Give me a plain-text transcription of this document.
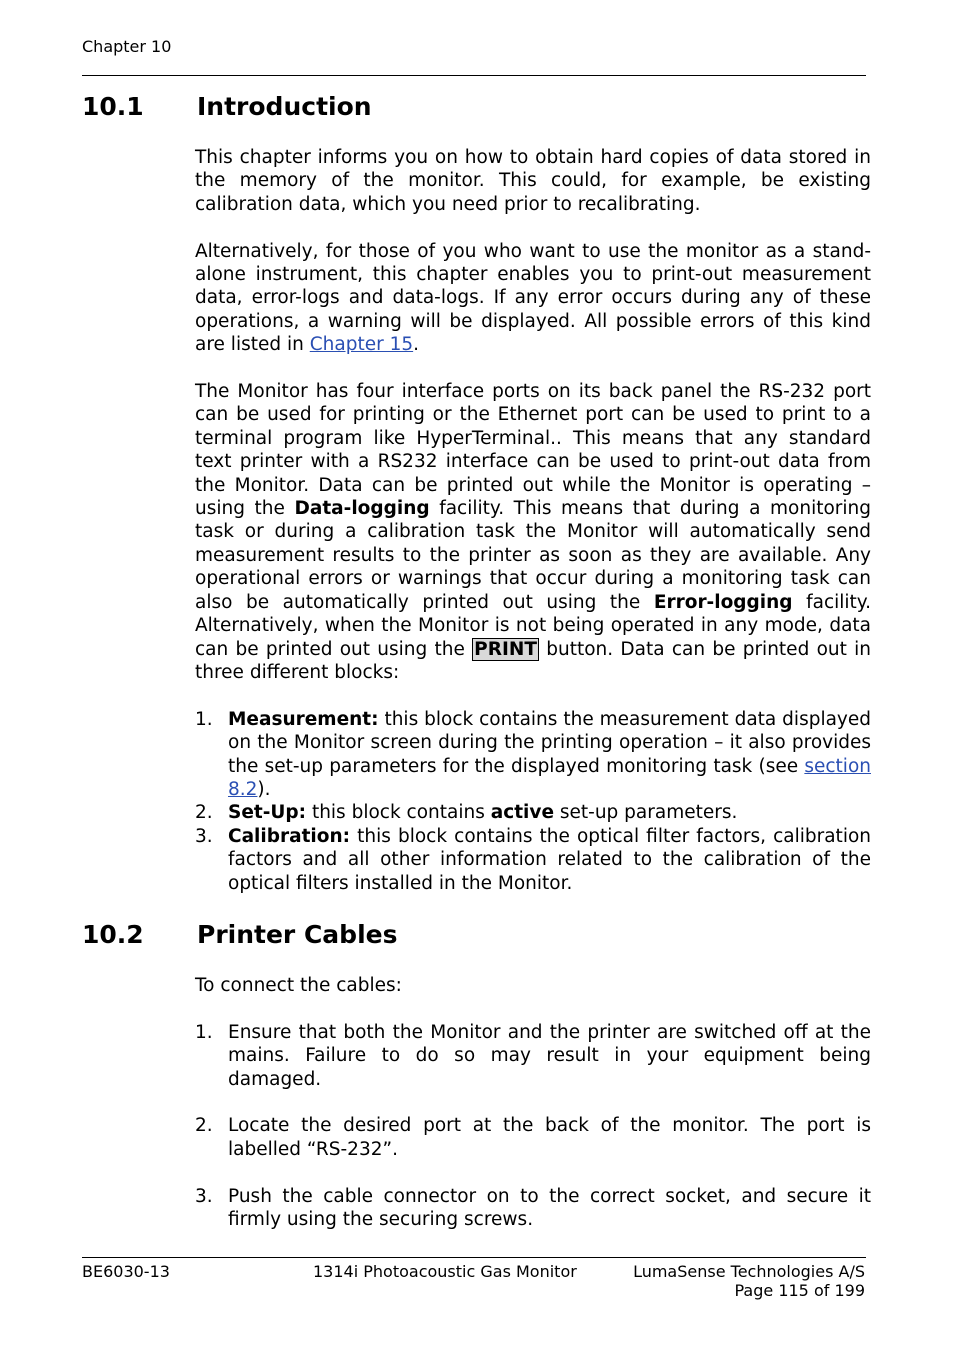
Chapter 10
10.1 Introduction

This chapter informs you on how to obtain hard copies of data stored in the memory of the monitor. This could, for example, be existing calibration data, which you need prior to recalibrating.

Alternatively, for those of you who want to use the monitor as a stand-alone instrument, this chapter enables you to print-out measurement data, error-logs and data-logs. If any error occurs during any of these operations, a warning will be displayed. All possible errors of this kind are listed in Chapter 15.

The Monitor has four interface ports on its back panel the RS-232 port can be used for printing or the Ethernet port can be used to print to a terminal program like HyperTerminal.. This means that any standard text printer with a RS232 interface can be used to print-out data from the Monitor. Data can be printed out while the Monitor is operating – using the Data-logging facility. This means that during a monitoring task or during a calibration task the Monitor will automatically send measurement results to the printer as soon as they are available. Any operational errors or warnings that occur during a monitoring task can also be automatically printed out using the Error-logging facility. Alternatively, when the Monitor is not being operated in any mode, data can be printed out using the PRINT button. Data can be printed out in three different blocks:

1. Measurement: this block contains the measurement data displayed on the Monitor screen during the printing operation – it also provides the set-up parameters for the displayed monitoring task (see section 8.2).
2. Set-Up: this block contains active set-up parameters.
3. Calibration: this block contains the optical filter factors, calibration factors and all other information related to the calibration of the optical filters installed in the Monitor.
10.2 Printer Cables

To connect the cables:

1. Ensure that both the Monitor and the printer are switched off at the mains. Failure to do so may result in your equipment being damaged.
2. Locate the desired port at the back of the monitor. The port is labelled “RS-232”.
3. Push the cable connector on to the correct socket, and secure it firmly using the securing screws.
BE6030-13	1314i Photoacoustic Gas Monitor	LumaSense Technologies A/S
Page 115 of 199
